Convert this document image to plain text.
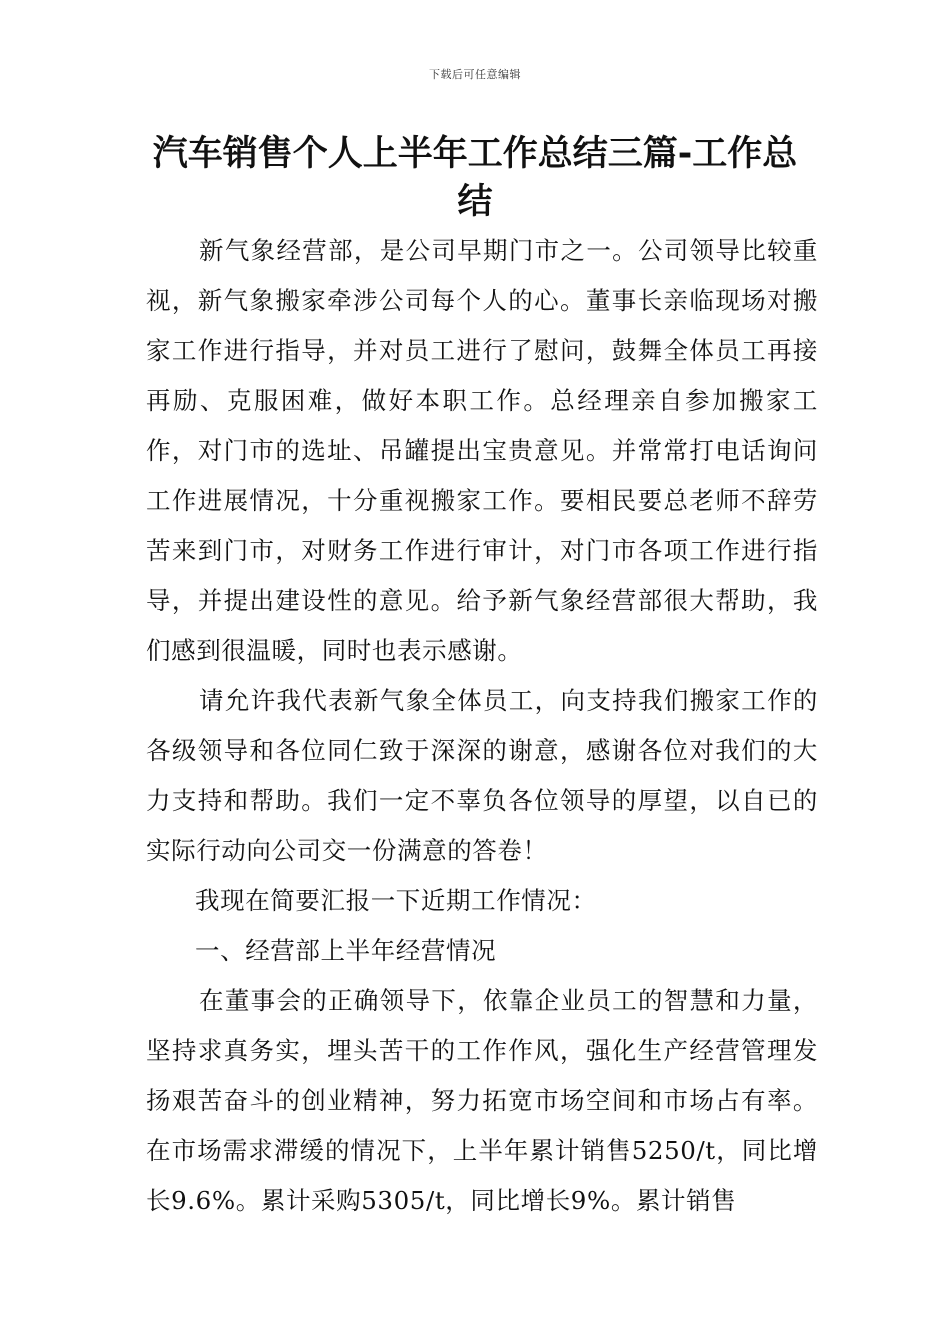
下载后可任意编辑
汽车销售个人上半年工作总结三篇-工作总结

新气象经营部，是公司早期门市之一。公司领导比较重视，新气象搬家牵涉公司每个人的心。董事长亲临现场对搬家工作进行指导，并对员工进行了慰问，鼓舞全体员工再接再励、克服困难，做好本职工作。总经理亲自参加搬家工作，对门市的选址、吊罐提出宝贵意见。并常常打电话询问工作进展情况，十分重视搬家工作。要相民要总老师不辞劳苦来到门市，对财务工作进行审计，对门市各项工作进行指导，并提出建设性的意见。给予新气象经营部很大帮助，我们感到很温暖，同时也表示感谢。

请允许我代表新气象全体员工，向支持我们搬家工作的各级领导和各位同仁致于深深的谢意，感谢各位对我们的大力支持和帮助。我们一定不辜负各位领导的厚望，以自已的实际行动向公司交一份满意的答卷！

我现在简要汇报一下近期工作情况：

一、经营部上半年经营情况

在董事会的正确领导下，依靠企业员工的智慧和力量，坚持求真务实，埋头苦干的工作作风，强化生产经营管理发扬艰苦奋斗的创业精神，努力拓宽市场空间和市场占有率。在市场需求滞缓的情况下，上半年累计销售5250/t，同比增长9.6%。累计采购5305/t，同比增长9%。累计销售
